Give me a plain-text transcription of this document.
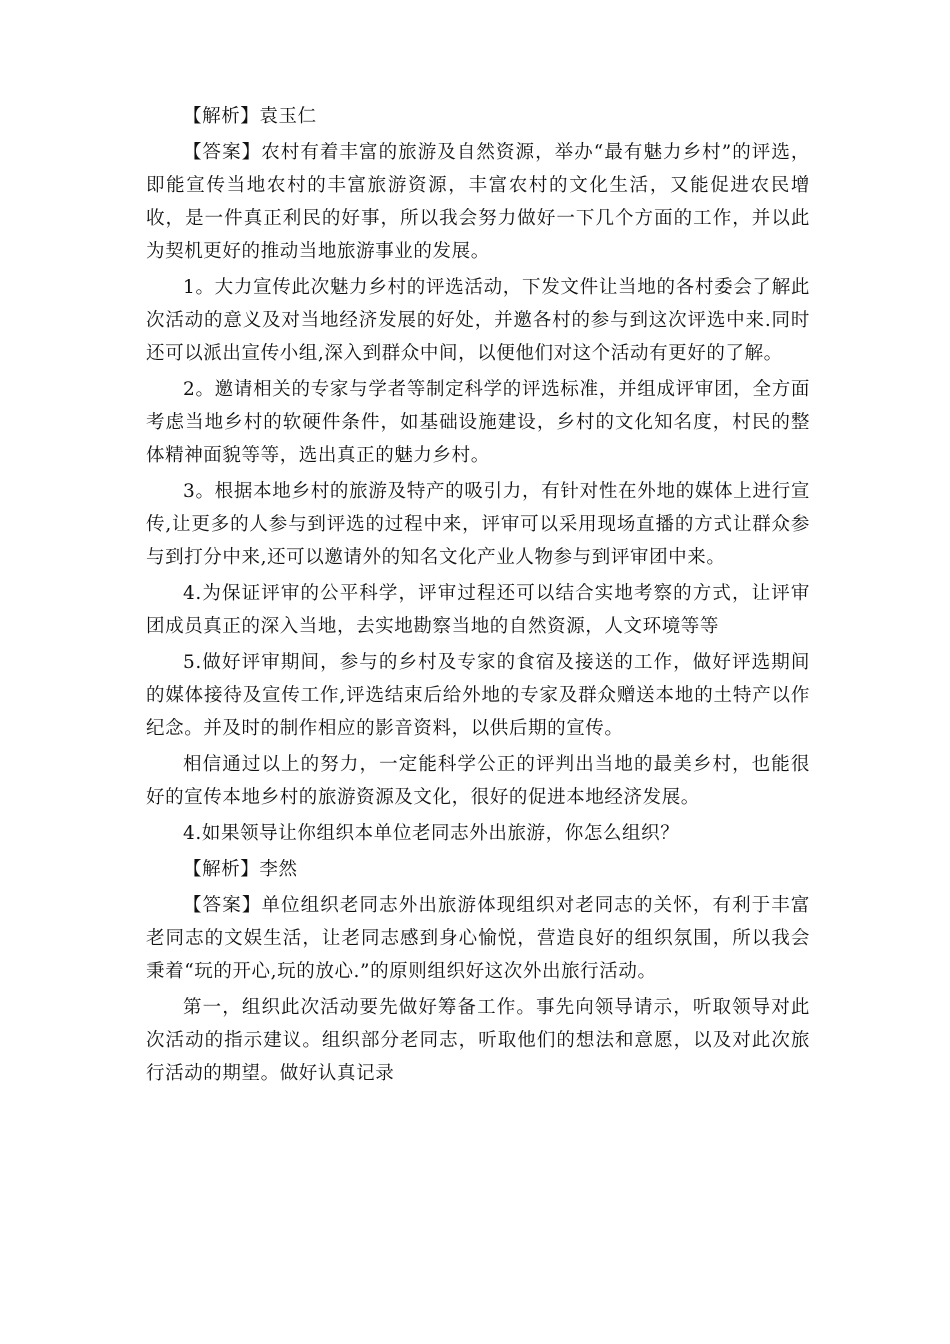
【解析】袁玉仁

【答案】农村有着丰富的旅游及自然资源，举办“最有魅力乡村”的评选，即能宣传当地农村的丰富旅游资源，丰富农村的文化生活，又能促进农民增收，是一件真正利民的好事，所以我会努力做好一下几个方面的工作，并以此为契机更好的推动当地旅游事业的发展。

1。大力宣传此次魅力乡村的评选活动，下发文件让当地的各村委会了解此次活动的意义及对当地经济发展的好处，并邀各村的参与到这次评选中来.同时还可以派出宣传小组,深入到群众中间，以便他们对这个活动有更好的了解。

2。邀请相关的专家与学者等制定科学的评选标准，并组成评审团，全方面考虑当地乡村的软硬件条件，如基础设施建设，乡村的文化知名度，村民的整体精神面貌等等，选出真正的魅力乡村。

3。根据本地乡村的旅游及特产的吸引力，有针对性在外地的媒体上进行宣传,让更多的人参与到评选的过程中来，评审可以采用现场直播的方式让群众参与到打分中来,还可以邀请外的知名文化产业人物参与到评审团中来。

4.为保证评审的公平科学，评审过程还可以结合实地考察的方式，让评审团成员真正的深入当地，去实地勘察当地的自然资源，人文环境等等

5.做好评审期间，参与的乡村及专家的食宿及接送的工作，做好评选期间的媒体接待及宣传工作,评选结束后给外地的专家及群众赠送本地的土特产以作纪念。并及时的制作相应的影音资料，以供后期的宣传。

相信通过以上的努力，一定能科学公正的评判出当地的最美乡村，也能很好的宣传本地乡村的旅游资源及文化，很好的促进本地经济发展。

4.如果领导让你组织本单位老同志外出旅游，你怎么组织？

【解析】李然

【答案】单位组织老同志外出旅游体现组织对老同志的关怀，有利于丰富老同志的文娱生活，让老同志感到身心愉悦，营造良好的组织氛围，所以我会秉着“玩的开心,玩的放心.”的原则组织好这次外出旅行活动。

第一，组织此次活动要先做好筹备工作。事先向领导请示，听取领导对此次活动的指示建议。组织部分老同志，听取他们的想法和意愿，以及对此次旅行活动的期望。做好认真记录
